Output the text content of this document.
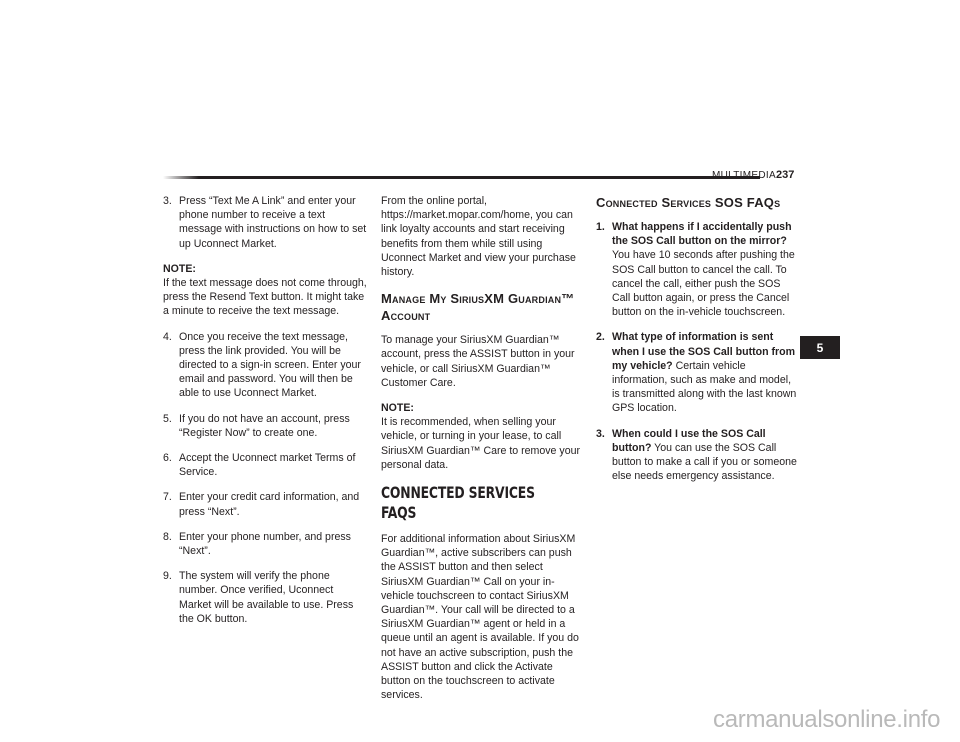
MULTIMEDIA 237
3. Press “Text Me A Link” and enter your phone number to receive a text message with instructions on how to set up Uconnect Market.
NOTE:
If the text message does not come through, press the Resend Text button. It might take a minute to receive the text message.
4. Once you receive the text message, press the link provided. You will be directed to a sign-in screen. Enter your email and password. You will then be able to use Uconnect Market.
5. If you do not have an account, press “Register Now” to create one.
6. Accept the Uconnect market Terms of Service.
7. Enter your credit card information, and press “Next”.
8. Enter your phone number, and press “Next”.
9. The system will verify the phone number. Once verified, Uconnect Market will be available to use. Press the OK button.

From the online portal, https://market.mopar.com/home, you can link loyalty accounts and start receiving benefits from them while still using Uconnect Market and view your purchase history.

Manage My SiriusXM Guardian™ Account

To manage your SiriusXM Guardian™ account, press the ASSIST button in your vehicle, or call SiriusXM Guardian™ Customer Care.

NOTE:
It is recommended, when selling your vehicle, or turning in your lease, to call SiriusXM Guardian™ Care to remove your personal data.
CONNECTED SERVICES FAQS

For additional information about SiriusXM Guardian™, active subscribers can push the ASSIST button and then select SiriusXM Guardian™ Call on your in-vehicle touchscreen to contact SiriusXM Guardian™. Your call will be directed to a SiriusXM Guardian™ agent or held in a queue until an agent is available. If you do not have an active subscription, push the ASSIST button and click the Activate button on the touchscreen to activate services.

Connected Services SOS FAQs
1. What happens if I accidentally push the SOS Call button on the mirror? You have 10 seconds after pushing the SOS Call button to cancel the call. To cancel the call, either push the SOS Call button again, or press the Cancel button on the in-vehicle touchscreen.
2. What type of information is sent when I use the SOS Call button from my vehicle? Certain vehicle information, such as make and model, is transmitted along with the last known GPS location.
3. When could I use the SOS Call button? You can use the SOS Call button to make a call if you or someone else needs emergency assistance.
5
carmanualsonline.info
